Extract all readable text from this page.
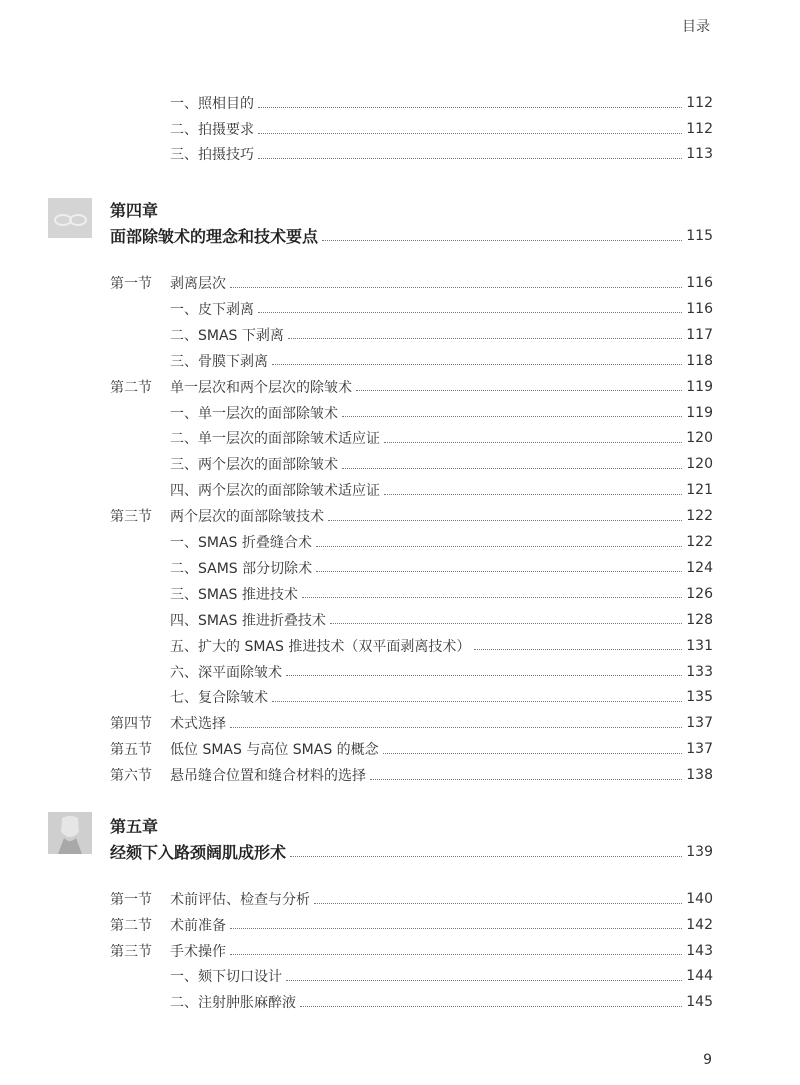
目录
一、照相目的	112
二、拍摄要求	112
三、拍摄技巧	113
第四章
面部除皱术的理念和技术要点	115
第一节 剥离层次	116
一、皮下剥离	116
二、SMAS 下剥离	117
三、骨膜下剥离	118
第二节 单一层次和两个层次的除皱术	119
一、单一层次的面部除皱术	119
二、单一层次的面部除皱术适应证	120
三、两个层次的面部除皱术	120
四、两个层次的面部除皱术适应证	121
第三节 两个层次的面部除皱技术	122
一、SMAS 折叠缝合术	122
二、SAMS 部分切除术	124
三、SMAS 推进技术	126
四、SMAS 推进折叠技术	128
五、扩大的 SMAS 推进技术（双平面剥离技术）	131
六、深平面除皱术	133
七、复合除皱术	135
第四节 术式选择	137
第五节 低位 SMAS 与高位 SMAS 的概念	137
第六节 悬吊缝合位置和缝合材料的选择	138
第五章
经颏下入路颈阔肌成形术	139
第一节 术前评估、检查与分析	140
第二节 术前准备	142
第三节 手术操作	143
一、颏下切口设计	144
二、注射肿胀麻醉液	145
9
